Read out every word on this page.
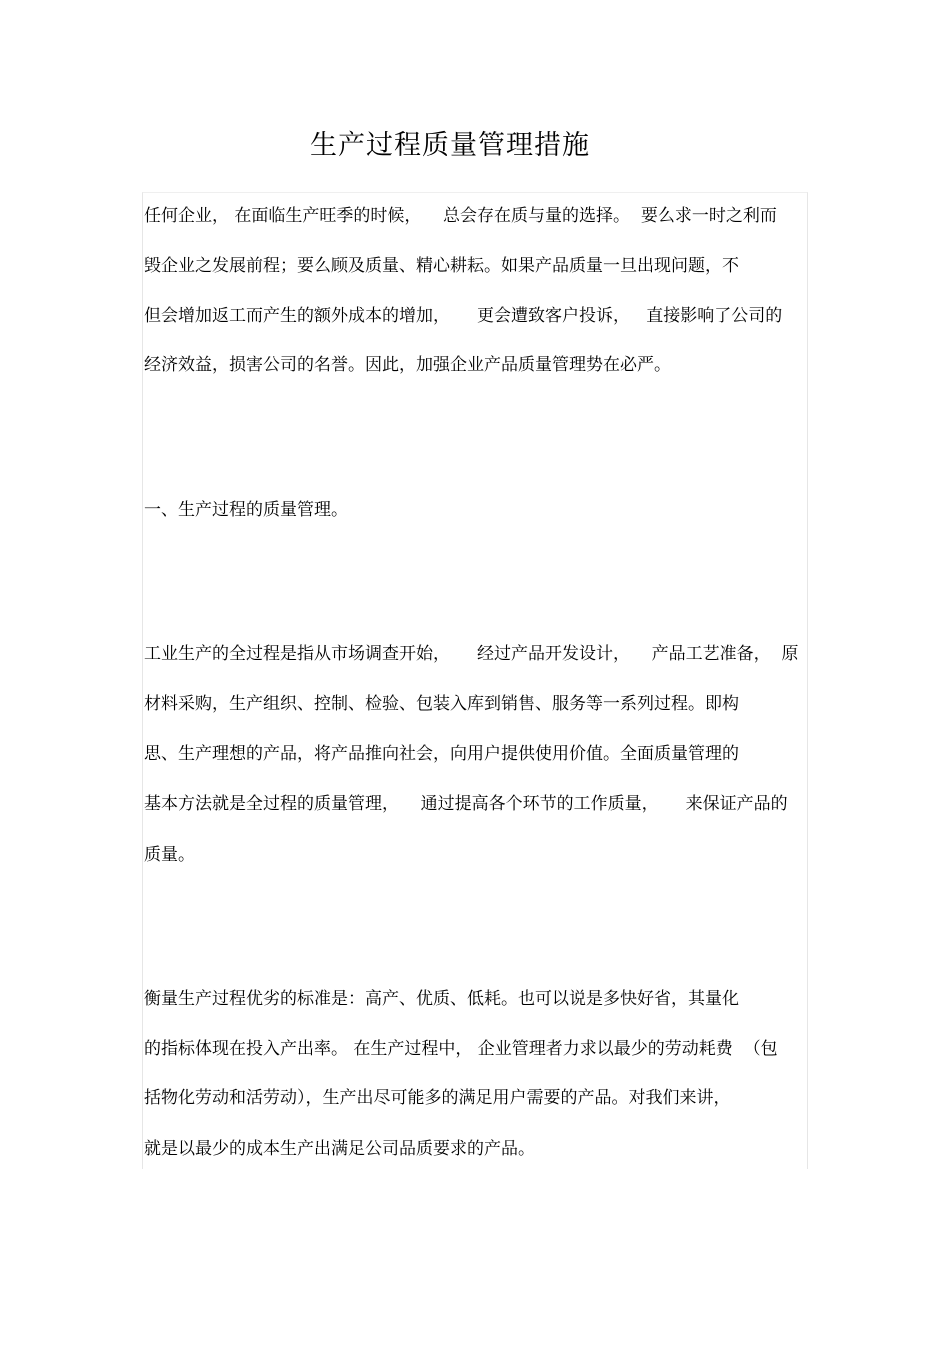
生产过程质量管理措施
任何企业， 在面临生产旺季的时候，    总会存在质与量的选择。  要么求一时之利而
毁企业之发展前程；要么顾及质量、精心耕耘。如果产品质量一旦出现问题，不
但会增加返工而产生的额外成本的增加，     更会遭致客户投诉，   直接影响了公司的
经济效益，损害公司的名誉。因此，加强企业产品质量管理势在必严。
一、生产过程的质量管理。
工业生产的全过程是指从市场调查开始，     经过产品开发设计，    产品工艺准备，  原
材料采购，生产组织、控制、检验、包装入库到销售、服务等一系列过程。即构
思、生产理想的产品，将产品推向社会，向用户提供使用价值。全面质量管理的
基本方法就是全过程的质量管理，    通过提高各个环节的工作质量，     来保证产品的
质量。
衡量生产过程优劣的标准是：高产、优质、低耗。也可以说是多快好省，其量化
的指标体现在投入产出率。 在生产过程中， 企业管理者力求以最少的劳动耗费  （包
括物化劳动和活劳动），生产出尽可能多的满足用户需要的产品。对我们来讲，
就是以最少的成本生产出满足公司品质要求的产品。
